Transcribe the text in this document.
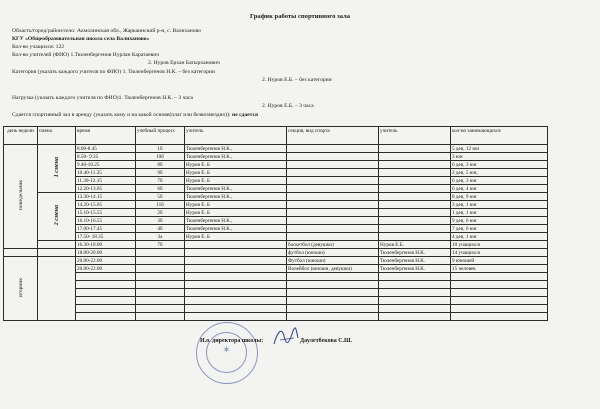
График работы спортивного зала
Область/город/район/село: Акмолинская обл., Жаркаинский р-н, с. Валиханово
КГУ «Общеобразовательная школа села Валиханово»
Кол-во учащихся: 122
Кол-во учителей (ФИО) 1.Тюленбергенов Нурлан Каратаевич
2. Нуров Ерхан Батырханович
Категория (указать каждого учителя по ФИО) 1. Тюленбергенов Н.К. – без категории
2. Нуров Е.Б. – без категории
Нагрузка (указать каждого учителя по ФИО)1. Тюленбергенов Н.К. – 3 часа
2. Нуров Е.Б. – 3 часа
Сдается спортивный зал в аренду (указать кому и на какой основе(плат или безвозмездно)): не сдается
день недели	смена	время	учебный процесс	учитель	секция, вид спорта	учитель	кол-во занимающихся
понедельник	1 смена	8.00-8.45	1б	Тюленбергенов Н.К.,			5 дев, 12 юн
		8.50- 9.35	10б	Тюленбергенов Н.К.,			3 юн
		9.40-10.25	8б	Нуров Е. Б			6 дев, 3 юн
		10.40-11.25	9б	Нуров Е. Б			2 дев, 5 юн,
		11.30-12.15	7б	Нуров Е. Б			6 дев, 3 юн
		12.20-13.05	6б	Тюленбергенов Н.К.,			6 дев, 4 юн
	2 смена	13.30-14.15	5б	Тюленбергенов Н.К.,			8 дев, 9 юн
		14.20-15.05	11б	Нуров Е. Б			3 дев, 1 юн
		15.10-15.55	2б	Нуров Е. Б			1 дев, 1 юн
		16.10-16.55	3б	Тюленбергенов Н.К.,			9 дев, 6 юн
		17.00-17.45	4б	Тюленбергенов Н.К.,			7 дев, 6 юн
		17.50- 18.35	3а	Нуров Е. Б			4 дев, 1 юн
		16.30-18.00	7б		баскетбол (девушки)	Нуров Е.Б.	10 учащихся
		18.00-20.00			футбол (юноши)	Тюленбергенов Н.К.	14 учащихся
вторник		20.00-22.00			Футбол (юноши)	Тюленбергенов Н.К.	9 юношей
		20.00-22.00			Волейбол (юноши, девушки)	Тюленбергенов Н.К.	15 человек

✶
И.о. директора школы:	Даулетбекова С.Ш.
